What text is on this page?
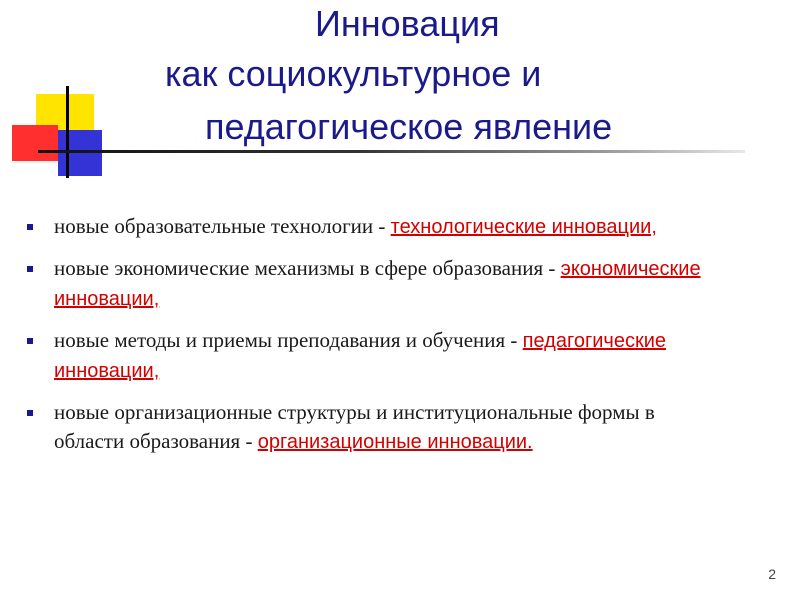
Инновация
как социокультурное и
педагогическое явление
новые образовательные технологии - технологические инновации,
новые экономические механизмы в сфере образования - экономические инновации,
новые методы и приемы преподавания и обучения - педагогические инновации,
новые организационные структуры и институциональные формы в области образования - организационные инновации.
2
